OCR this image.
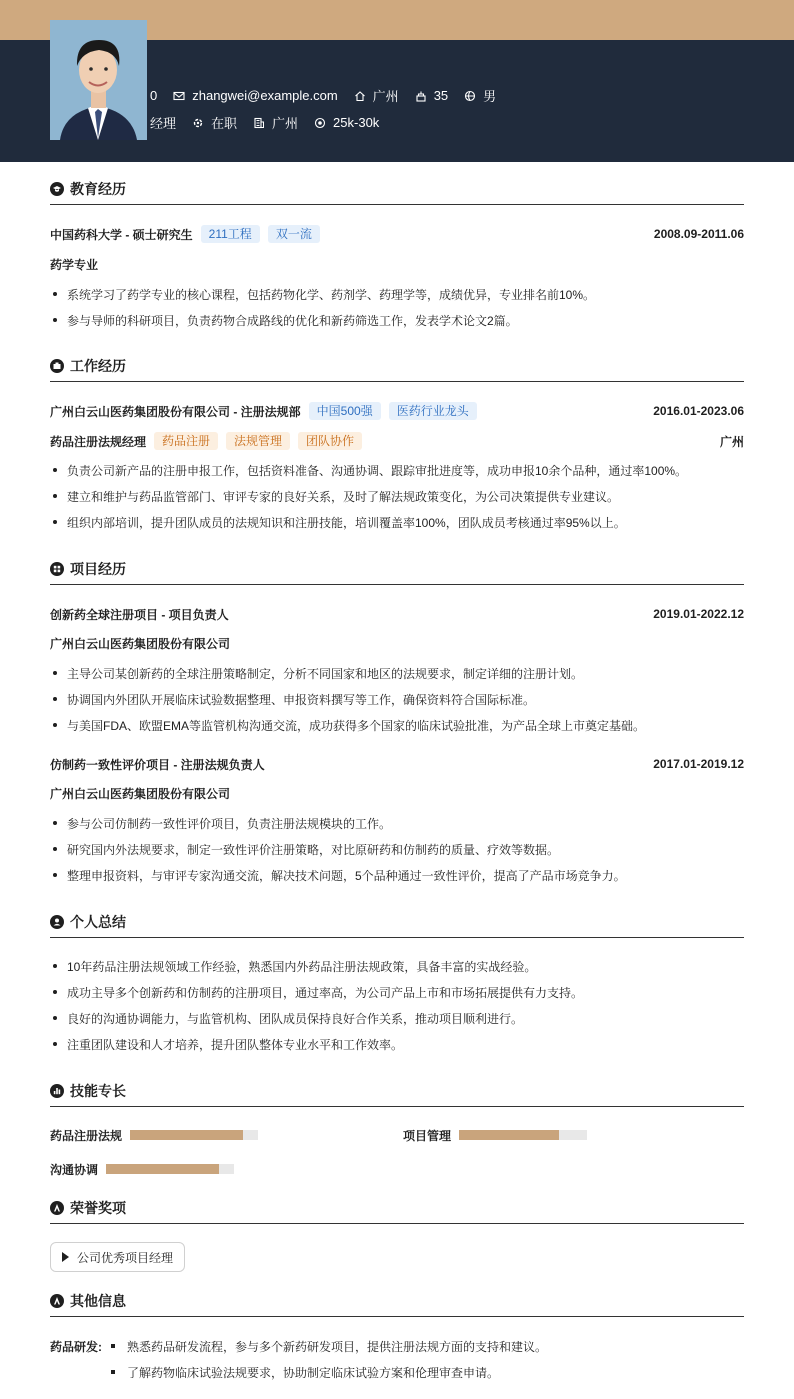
0	zhangwei@example.com	广州	35	男
经理	在职	广州	25k-30k
教育经历
中国药科大学 - 硕士研究生	211工程	双一流	2008.09-2011.06
药学专业
系统学习了药学专业的核心课程，包括药物化学、药剂学、药理学等，成绩优异，专业排名前10%。
参与导师的科研项目，负责药物合成路线的优化和新药筛选工作，发表学术论文2篇。
工作经历
广州白云山医药集团股份有限公司 - 注册法规部	中国500强	医药行业龙头	2016.01-2023.06
药品注册法规经理	药品注册	法规管理	团队协作	广州
负责公司新产品的注册申报工作，包括资料准备、沟通协调、跟踪审批进度等，成功申报10余个品种，通过率100%。
建立和维护与药品监管部门、审评专家的良好关系，及时了解法规政策变化，为公司决策提供专业建议。
组织内部培训，提升团队成员的法规知识和注册技能，培训覆盖率100%，团队成员考核通过率95%以上。
项目经历
创新药全球注册项目 - 项目负责人	2019.01-2022.12
广州白云山医药集团股份有限公司
主导公司某创新药的全球注册策略制定，分析不同国家和地区的法规要求，制定详细的注册计划。
协调国内外团队开展临床试验数据整理、申报资料撰写等工作，确保资料符合国际标准。
与美国FDA、欧盟EMA等监管机构沟通交流，成功获得多个国家的临床试验批准，为产品全球上市奠定基础。
仿制药一致性评价项目 - 注册法规负责人	2017.01-2019.12
广州白云山医药集团股份有限公司
参与公司仿制药一致性评价项目，负责注册法规模块的工作。
研究国内外法规要求，制定一致性评价注册策略，对比原研药和仿制药的质量、疗效等数据。
整理申报资料，与审评专家沟通交流，解决技术问题，5个品种通过一致性评价，提高了产品市场竞争力。
个人总结
10年药品注册法规领域工作经验，熟悉国内外药品注册法规政策，具备丰富的实战经验。
成功主导多个创新药和仿制药的注册项目，通过率高，为公司产品上市和市场拓展提供有力支持。
良好的沟通协调能力，与监管机构、团队成员保持良好合作关系，推动项目顺利进行。
注重团队建设和人才培养，提升团队整体专业水平和工作效率。
技能专长
药品注册法规	项目管理
沟通协调
荣誉奖项
公司优秀项目经理
其他信息
药品研发: 熟悉药品研发流程，参与多个新药研发项目，提供注册法规方面的支持和建议。
了解药物临床试验法规要求，协助制定临床试验方案和伦理审查申请。
